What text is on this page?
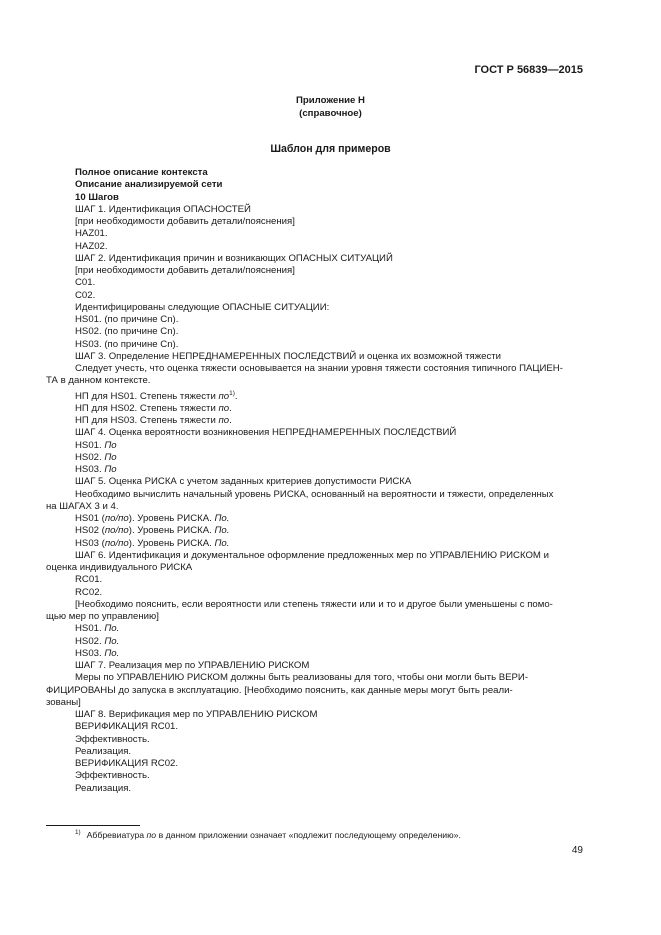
ГОСТ Р 56839—2015
Приложение Н
(справочное)
Шаблон для примеров
Полное описание контекста
Описание анализируемой сети
10 Шагов
ШАГ 1. Идентификация ОПАСНОСТЕЙ
[при необходимости добавить детали/пояснения]
HAZ01.
HAZ02.
ШАГ 2. Идентификация причин и возникающих ОПАСНЫХ СИТУАЦИЙ
[при необходимости добавить детали/пояснения]
C01.
C02.
Идентифицированы следующие ОПАСНЫЕ СИТУАЦИИ:
HS01. (по причине Cn).
HS02. (по причине Cn).
HS03. (по причине Cn).
ШАГ 3. Определение НЕПРЕДНАМЕРЕННЫХ ПОСЛЕДСТВИЙ и оценка их возможной тяжести
Следует учесть, что оценка тяжести основывается на знании уровня тяжести состояния типичного ПАЦИЕН-
ТА в данном контексте.
НП для HS01. Степень тяжести $по^{1)}$.
НП для HS02. Степень тяжести по.
НП для HS03. Степень тяжести по.
ШАГ 4. Оценка вероятности возникновения НЕПРЕДНАМЕРЕННЫХ ПОСЛЕДСТВИЙ
HS01. По
HS02. По
HS03. По
ШАГ 5. Оценка РИСКА с учетом заданных критериев допустимости РИСКА
Необходимо вычислить начальный уровень РИСКА, основанный на вероятности и тяжести, определенных
на ШАГАХ 3 и 4.
HS01 (по/по). Уровень РИСКА. По.
HS02 (по/по). Уровень РИСКА. По.
HS03 (по/по). Уровень РИСКА. По.
ШАГ 6. Идентификация и документальное оформление предложенных мер по УПРАВЛЕНИЮ РИСКОМ и
оценка индивидуального РИСКА
RC01.
RC02.
[Необходимо пояснить, если вероятности или степень тяжести или и то и другое были уменьшены с помо-
щью мер по управлению]
HS01. По.
HS02. По.
HS03. По.
ШАГ 7. Реализация мер по УПРАВЛЕНИЮ РИСКОМ
Меры по УПРАВЛЕНИЮ РИСКОМ должны быть реализованы для того, чтобы они могли быть ВЕРИ-
ФИЦИРОВАНЫ до запуска в эксплуатацию. [Необходимо пояснить, как данные меры могут быть реали-
зованы]
ШАГ 8. Верификация мер по УПРАВЛЕНИЮ РИСКОМ
ВЕРИФИКАЦИЯ RC01.
Эффективность.
Реализация.
ВЕРИФИКАЦИЯ RC02.
Эффективность.
Реализация.
$^{1)}$ Аббревиатура по в данном приложении означает «подлежит последующему определению».
49
